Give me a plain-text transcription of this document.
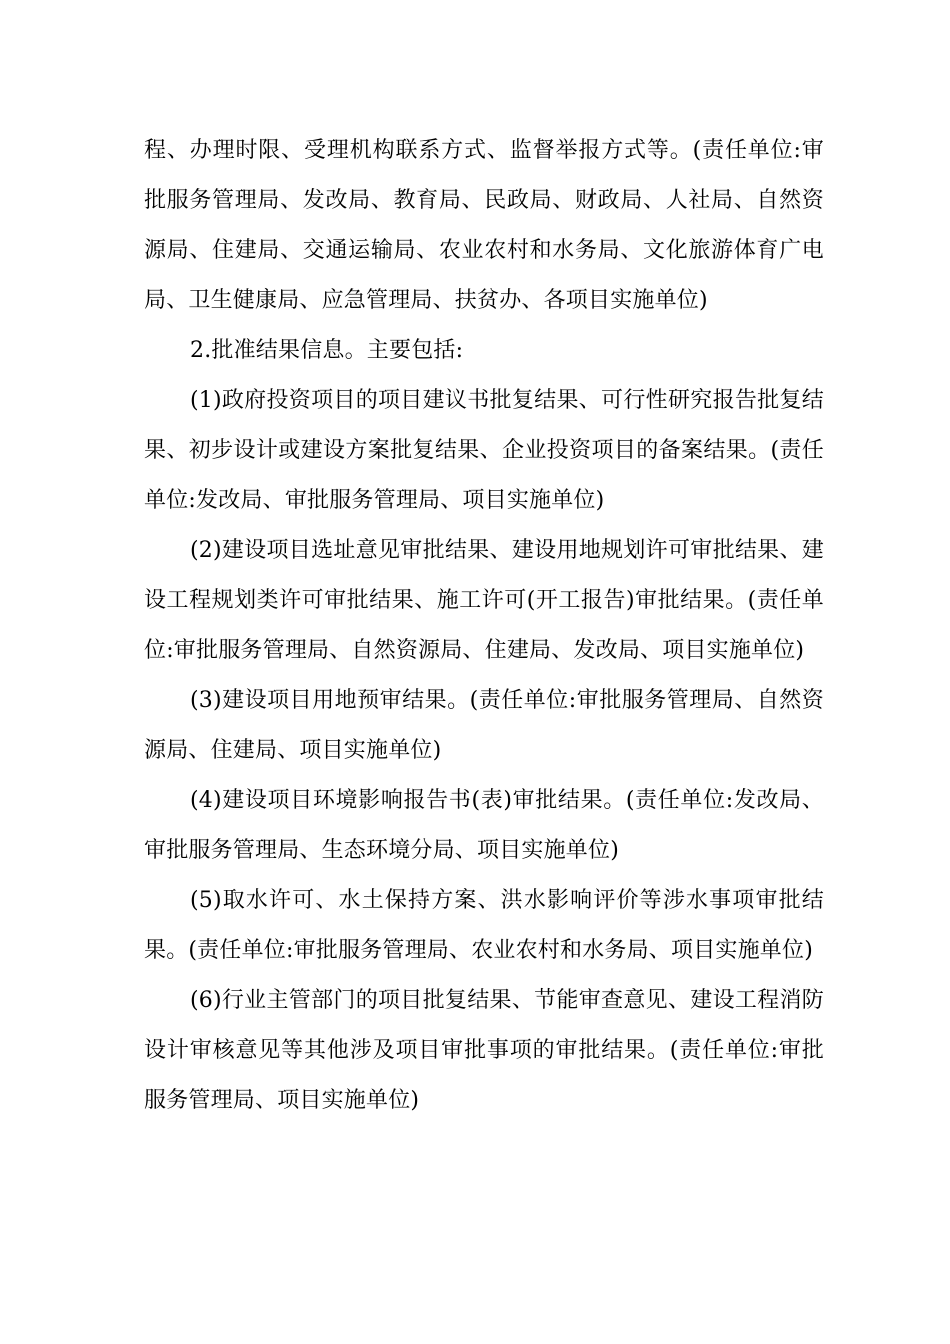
程、办理时限、受理机构联系方式、监督举报方式等。(责任单位:审批服务管理局、发改局、教育局、民政局、财政局、人社局、自然资源局、住建局、交通运输局、农业农村和水务局、文化旅游体育广电局、卫生健康局、应急管理局、扶贫办、各项目实施单位)

2.批准结果信息。主要包括:

(1)政府投资项目的项目建议书批复结果、可行性研究报告批复结果、初步设计或建设方案批复结果、企业投资项目的备案结果。(责任单位:发改局、审批服务管理局、项目实施单位)

(2)建设项目选址意见审批结果、建设用地规划许可审批结果、建设工程规划类许可审批结果、施工许可(开工报告)审批结果。(责任单位:审批服务管理局、自然资源局、住建局、发改局、项目实施单位)

(3)建设项目用地预审结果。(责任单位:审批服务管理局、自然资源局、住建局、项目实施单位)

(4)建设项目环境影响报告书(表)审批结果。(责任单位:发改局、审批服务管理局、生态环境分局、项目实施单位)

(5)取水许可、水土保持方案、洪水影响评价等涉水事项审批结果。(责任单位:审批服务管理局、农业农村和水务局、项目实施单位)

(6)行业主管部门的项目批复结果、节能审查意见、建设工程消防设计审核意见等其他涉及项目审批事项的审批结果。(责任单位:审批服务管理局、项目实施单位)
